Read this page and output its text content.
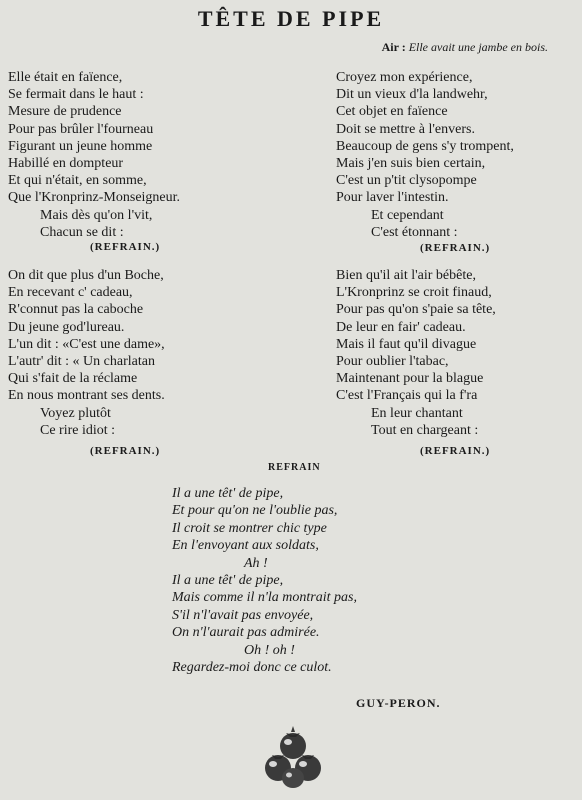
TÊTE DE PIPE
Air : Elle avait une jambe en bois.
Elle était en faïence,
Se fermait dans le haut :
Mesure de prudence
Pour pas brûler l'fourneau
Figurant un jeune homme
Habillé en dompteur
Et qui n'était, en somme,
Que l'Kronprinz-Monseigneur.
Mais dès qu'on l'vit,
Chacun se dit :
(REFRAIN.)
On dit que plus d'un Boche,
En recevant c' cadeau,
R'connut pas la caboche
Du jeune god'lureau.
L'un dit : «C'est une dame»,
L'autr' dit : « Un charlatan
Qui s'fait de la réclame
En nous montrant ses dents.
Voyez plutôt
Ce rire idiot :
(REFRAIN.)
Croyez mon expérience,
Dit un vieux d'la landwehr,
Cet objet en faïence
Doit se mettre à l'envers.
Beaucoup de gens s'y trompent,
Mais j'en suis bien certain,
C'est un p'tit clysopompe
Pour laver l'intestin.
Et cependant
C'est étonnant :
(REFRAIN.)
Bien qu'il ait l'air bébête,
L'Kronprinz se croit finaud,
Pour pas qu'on s'paie sa tête,
De leur en fair' cadeau.
Mais il faut qu'il divague
Pour oublier l'tabac,
Maintenant pour la blague
C'est l'Français qui la f'ra
En leur chantant
Tout en chargeant :
(REFRAIN.)
REFRAIN
Il a une têt' de pipe,
Et pour qu'on ne l'oublie pas,
Il croit se montrer chic type
En l'envoyant aux soldats,
Ah !
Il a une têt' de pipe,
Mais comme il n'la montrait pas,
S'il n'l'avait pas envoyée,
On n'l'aurait pas admirée.
Oh ! oh !
Regardez-moi donc ce culot.
GUY-PERON.
